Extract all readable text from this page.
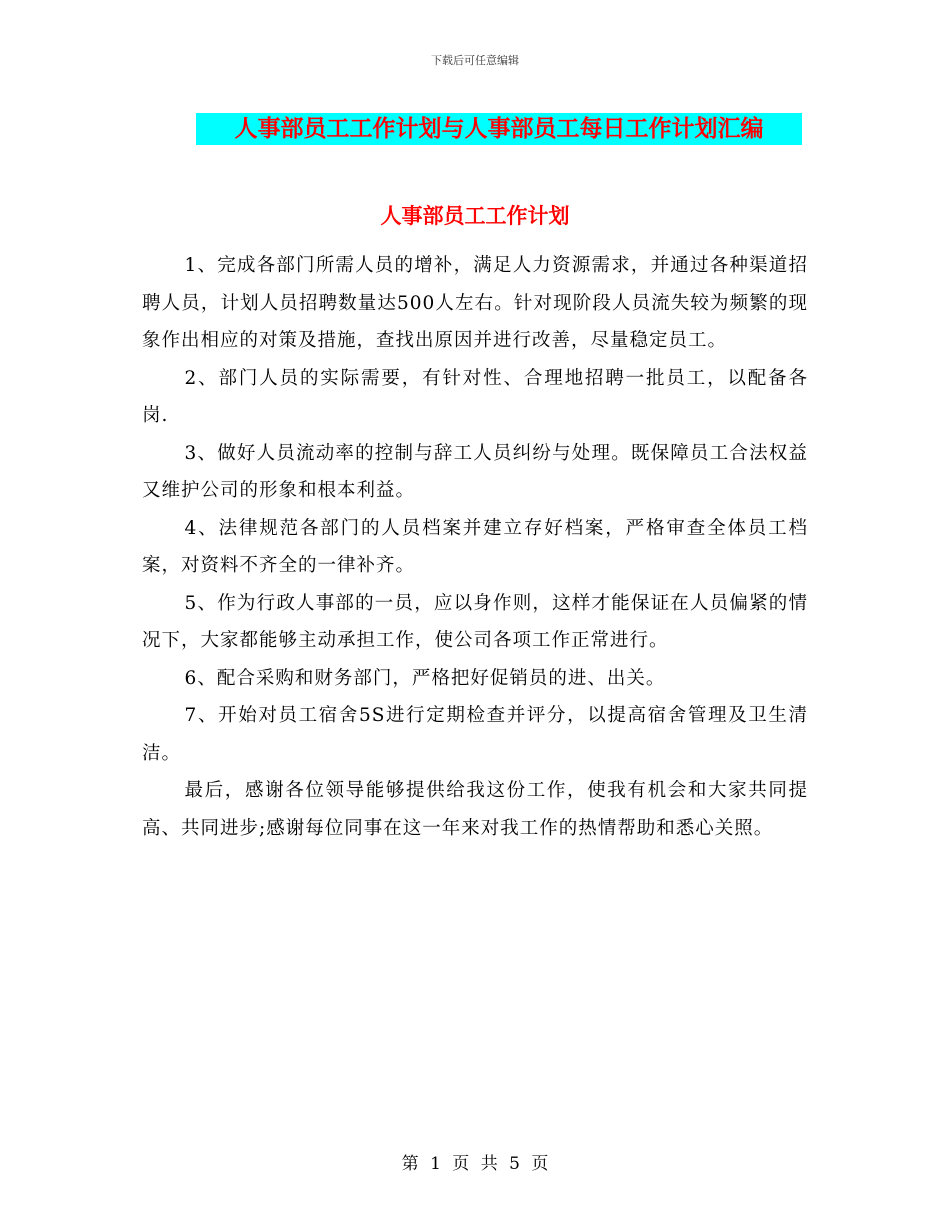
下载后可任意编辑
人事部员工工作计划与人事部员工每日工作计划汇编
人事部员工工作计划

1、完成各部门所需人员的增补，满足人力资源需求，并通过各种渠道招聘人员，计划人员招聘数量达500人左右。针对现阶段人员流失较为频繁的现象作出相应的对策及措施，查找出原因并进行改善，尽量稳定员工。

2、部门人员的实际需要，有针对性、合理地招聘一批员工，以配备各岗.

3、做好人员流动率的控制与辞工人员纠纷与处理。既保障员工合法权益又维护公司的形象和根本利益。

4、法律规范各部门的人员档案并建立存好档案，严格审查全体员工档案，对资料不齐全的一律补齐。

5、作为行政人事部的一员，应以身作则，这样才能保证在人员偏紧的情况下，大家都能够主动承担工作，使公司各项工作正常进行。

6、配合采购和财务部门，严格把好促销员的进、出关。

7、开始对员工宿舍5S进行定期检查并评分，以提高宿舍管理及卫生清洁。

最后，感谢各位领导能够提供给我这份工作，使我有机会和大家共同提高、共同进步;感谢每位同事在这一年来对我工作的热情帮助和悉心关照。

第 1 页 共 5 页
